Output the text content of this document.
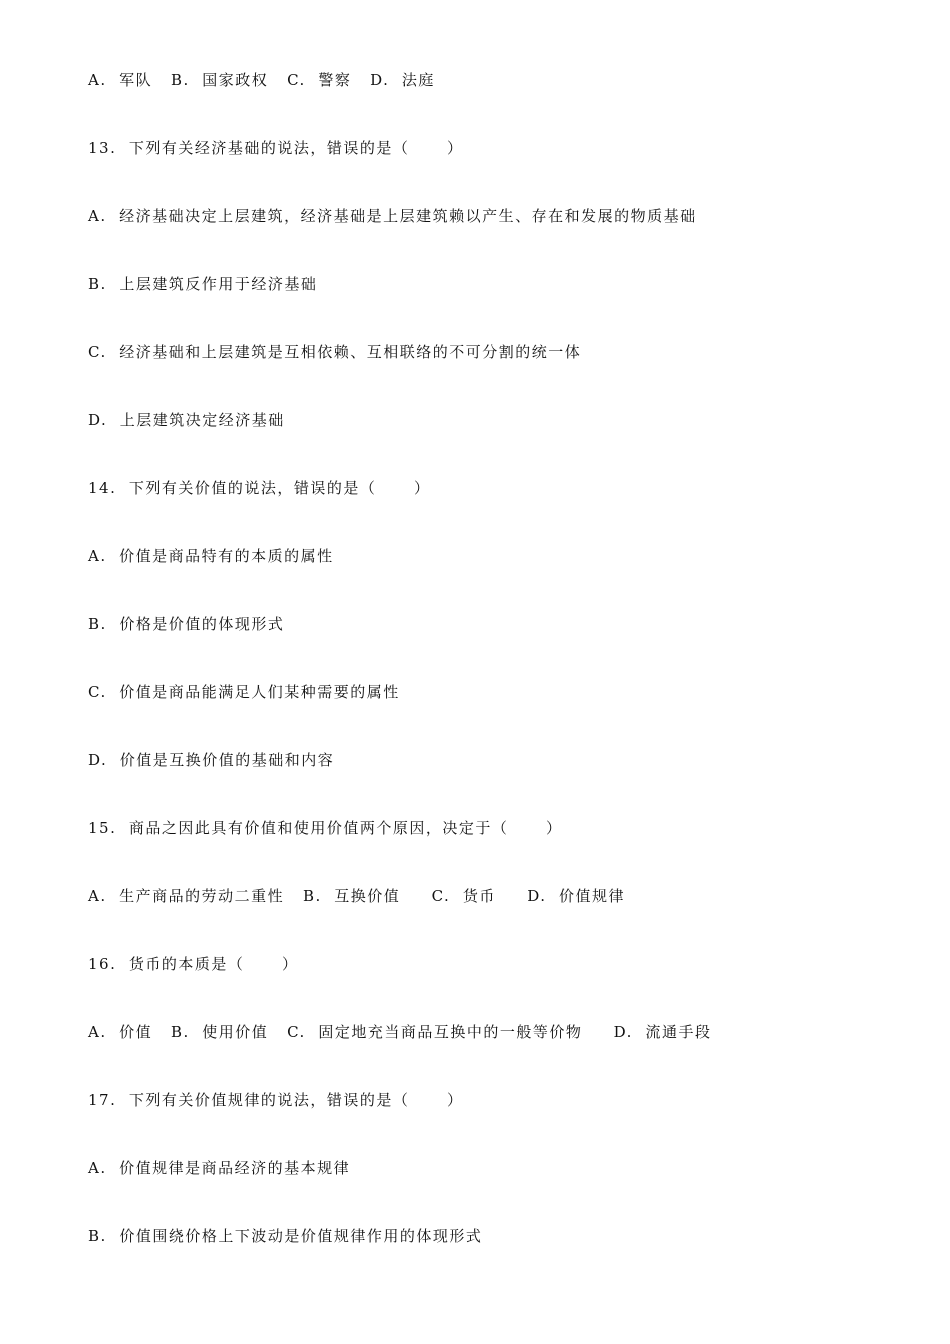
A.  军队   B.  国家政权   C.  警察   D.  法庭
13.  下列有关经济基础的说法，错误的是（      ）
A.  经济基础决定上层建筑，经济基础是上层建筑赖以产生、存在和发展的物质基础
B.  上层建筑反作用于经济基础
C.  经济基础和上层建筑是互相依赖、互相联络的不可分割的统一体
D.  上层建筑决定经济基础
14.  下列有关价值的说法，错误的是（      ）
A.  价值是商品特有的本质的属性
B.  价格是价值的体现形式
C.  价值是商品能满足人们某种需要的属性
D.  价值是互换价值的基础和内容
15.  商品之因此具有价值和使用价值两个原因，决定于（      ）
A.  生产商品的劳动二重性   B.  互换价值     C.  货币     D.  价值规律
16.  货币的本质是（      ）
A.  价值   B.  使用价值   C.  固定地充当商品互换中的一般等价物     D.  流通手段
17.  下列有关价值规律的说法，错误的是（      ）
A.  价值规律是商品经济的基本规律
B.  价值围绕价格上下波动是价值规律作用的体现形式
